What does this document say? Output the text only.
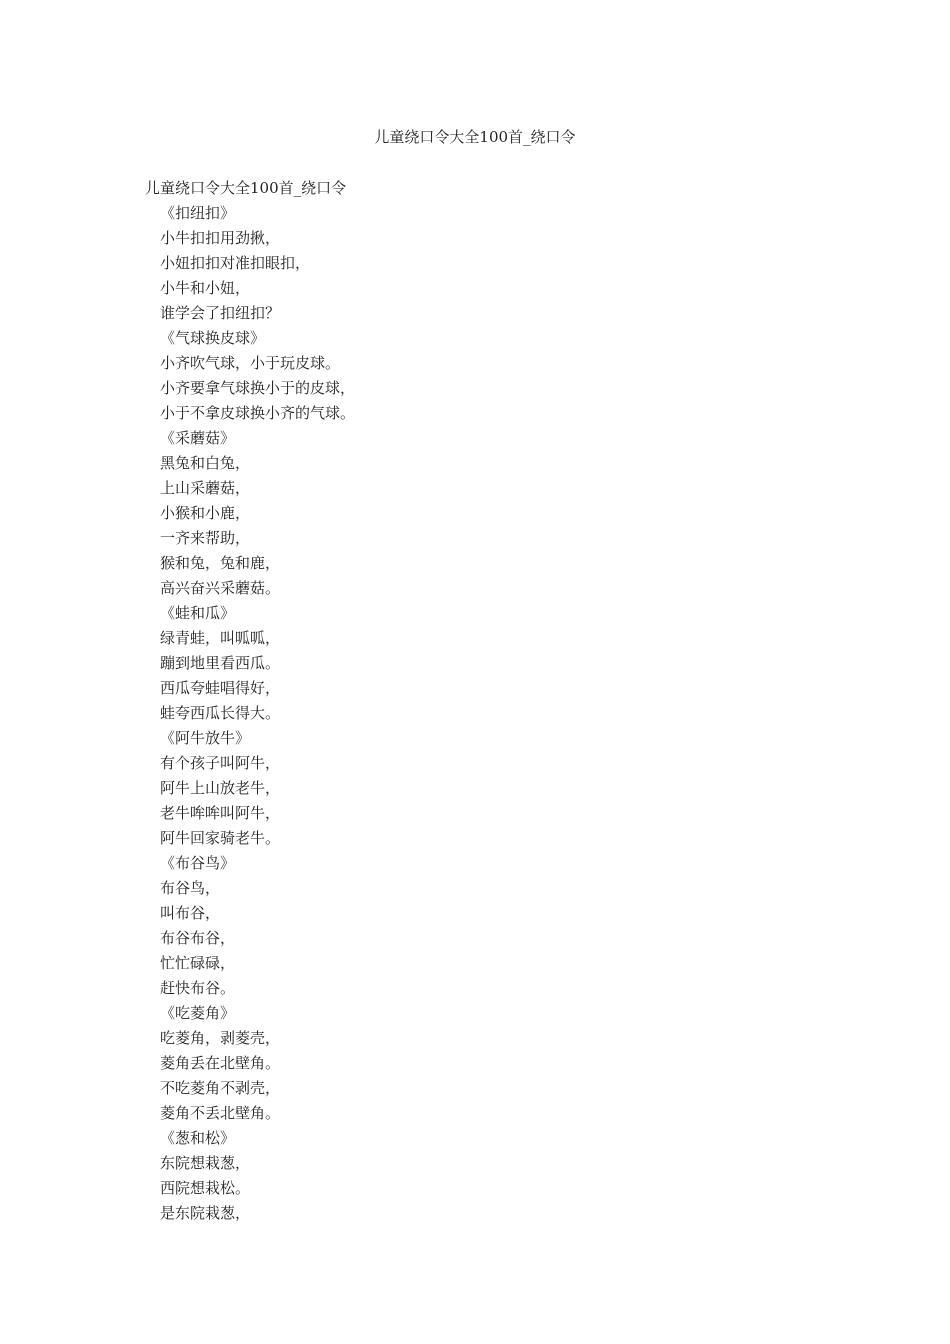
儿童绕口令大全100首_绕口令
儿童绕口令大全100首_绕口令
《扣纽扣》
小牛扣扣用劲揪，
小妞扣扣对准扣眼扣，
小牛和小妞，
谁学会了扣纽扣？
《气球换皮球》
小齐吹气球，小于玩皮球。
小齐要拿气球换小于的皮球，
小于不拿皮球换小齐的气球。
《采蘑菇》
黑兔和白兔，
上山采蘑菇，
小猴和小鹿，
一齐来帮助，
猴和兔，兔和鹿，
高兴奋兴采蘑菇。
《蛙和瓜》
绿青蛙，叫呱呱，
蹦到地里看西瓜。
西瓜夸蛙唱得好，
蛙夸西瓜长得大。
《阿牛放牛》
有个孩子叫阿牛，
阿牛上山放老牛，
老牛哞哞叫阿牛，
阿牛回家骑老牛。
《布谷鸟》
布谷鸟，
叫布谷，
布谷布谷，
忙忙碌碌，
赶快布谷。
《吃菱角》
吃菱角，剥菱壳，
菱角丢在北壁角。
不吃菱角不剥壳，
菱角不丢北壁角。
《葱和松》
东院想栽葱，
西院想栽松。
是东院栽葱，
